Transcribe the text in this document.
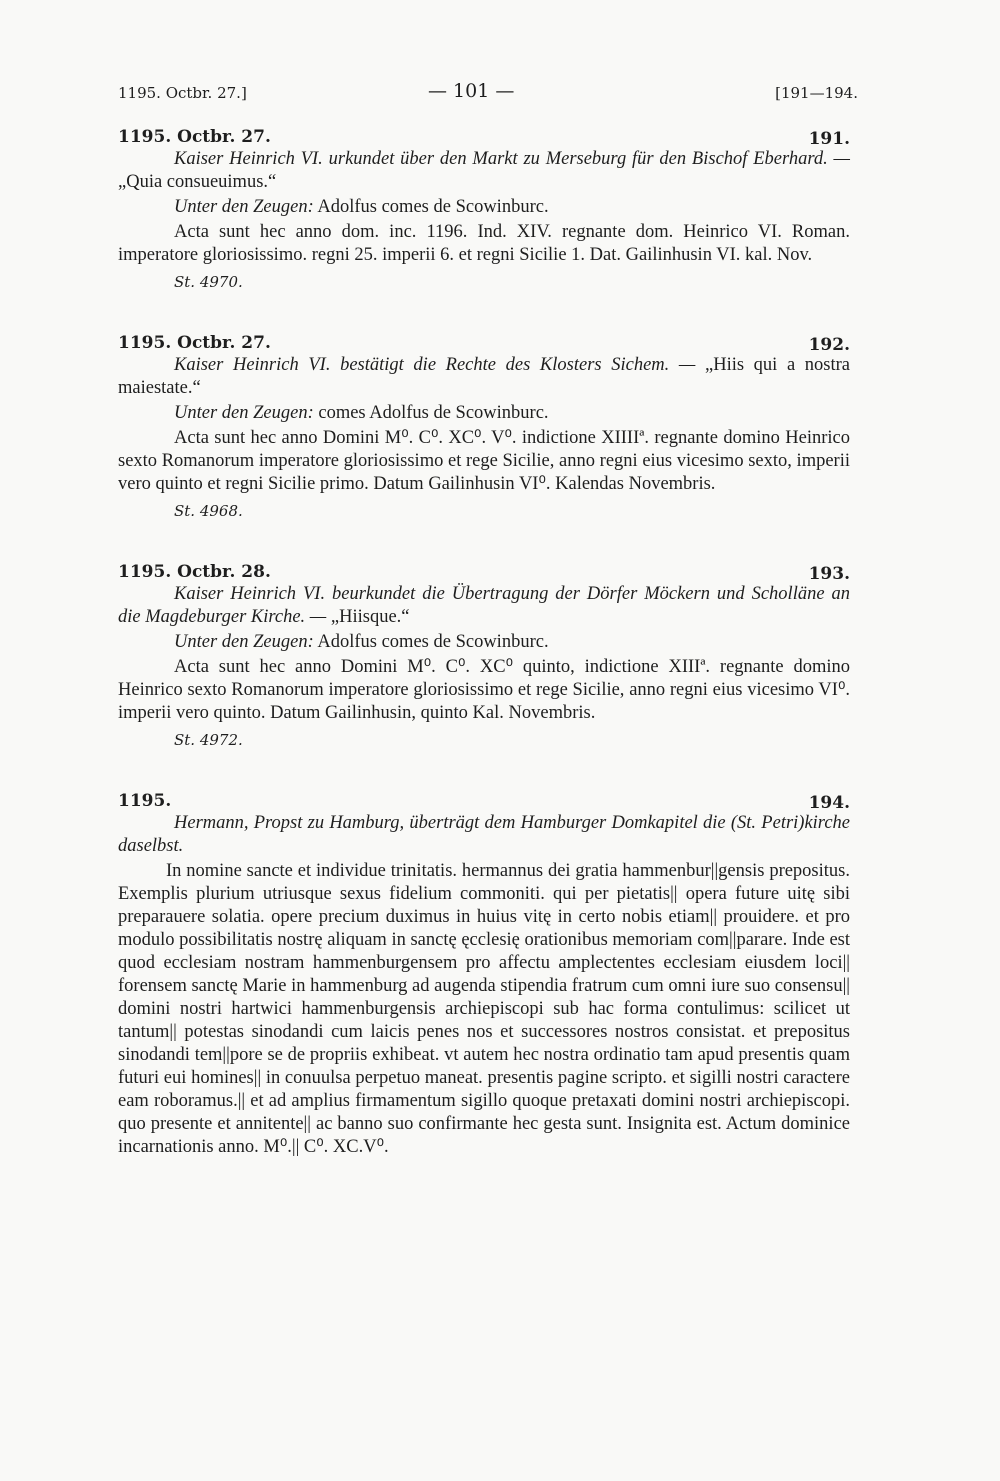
1195. Octbr. 27.]	— 101 —	[191—194.
1195. Octbr. 27.	191.

Kaiser Heinrich VI. urkundet über den Markt zu Merseburg für den Bischof Eberhard. — „Quia consueuimus.“

Unter den Zeugen: Adolfus comes de Scowinburc.

Acta sunt hec anno dom. inc. 1196. Ind. XIV. regnante dom. Heinrico VI. Roman. imperatore gloriosissimo. regni 25. imperii 6. et regni Sicilie 1. Dat. Gailinhusin VI. kal. Nov.

St. 4970.
1195. Octbr. 27.	192.

Kaiser Heinrich VI. bestätigt die Rechte des Klosters Sichem. — „Hiis qui a nostra maiestate.“

Unter den Zeugen: comes Adolfus de Scowinburc.

Acta sunt hec anno Domini M⁰. C⁰. XC⁰. V⁰. indictione XIIIIª. regnante domino Heinrico sexto Romanorum imperatore gloriosissimo et rege Sicilie, anno regni eius vicesimo sexto, imperii vero quinto et regni Sicilie primo. Datum Gailinhusin VI⁰. Kalendas Novembris.

St. 4968.
1195. Octbr. 28.	193.

Kaiser Heinrich VI. beurkundet die Übertragung der Dörfer Möckern und Scholläne an die Magdeburger Kirche. — „Hiisque.“

Unter den Zeugen: Adolfus comes de Scowinburc.

Acta sunt hec anno Domini M⁰. C⁰. XC⁰ quinto, indictione XIIIª. regnante domino Heinrico sexto Romanorum imperatore gloriosissimo et rege Sicilie, anno regni eius vicesimo VI⁰. imperii vero quinto. Datum Gailinhusin, quinto Kal. Novembris.

St. 4972.
1195.	194.

Hermann, Propst zu Hamburg, überträgt dem Hamburger Domkapitel die (St. Petri)kirche daselbst.

In nomine sancte et individue trinitatis. hermannus dei gratia hammenbur||gensis prepositus. Exemplis plurium utriusque sexus fidelium commoniti. qui per pietatis|| opera future uitę sibi preparauere solatia. opere precium duximus in huius vitę in certo nobis etiam|| prouidere. et pro modulo possibilitatis nostrę aliquam in sanctę ęcclesię orationibus memoriam com||parare. Inde est quod ecclesiam nostram hammenburgensem pro affectu amplectentes ecclesiam eiusdem loci|| forensem sanctę Marie in hammenburg ad augenda stipendia fratrum cum omni iure suo consensu|| domini nostri hartwici hammenburgensis archiepiscopi sub hac forma contulimus: scilicet ut tantum|| potestas sinodandi cum laicis penes nos et successores nostros consistat. et prepositus sinodandi tem||pore se de propriis exhibeat. vt autem hec nostra ordinatio tam apud presentis quam futuri eui homines|| in conuulsa perpetuo maneat. presentis pagine scripto. et sigilli nostri caractere eam roboramus.|| et ad amplius firmamentum sigillo quoque pretaxati domini nostri archiepiscopi. quo presente et annitente|| ac banno suo confirmante hec gesta sunt. Insignita est. Actum dominice incarnationis anno. M⁰.|| C⁰. XC.V⁰.
